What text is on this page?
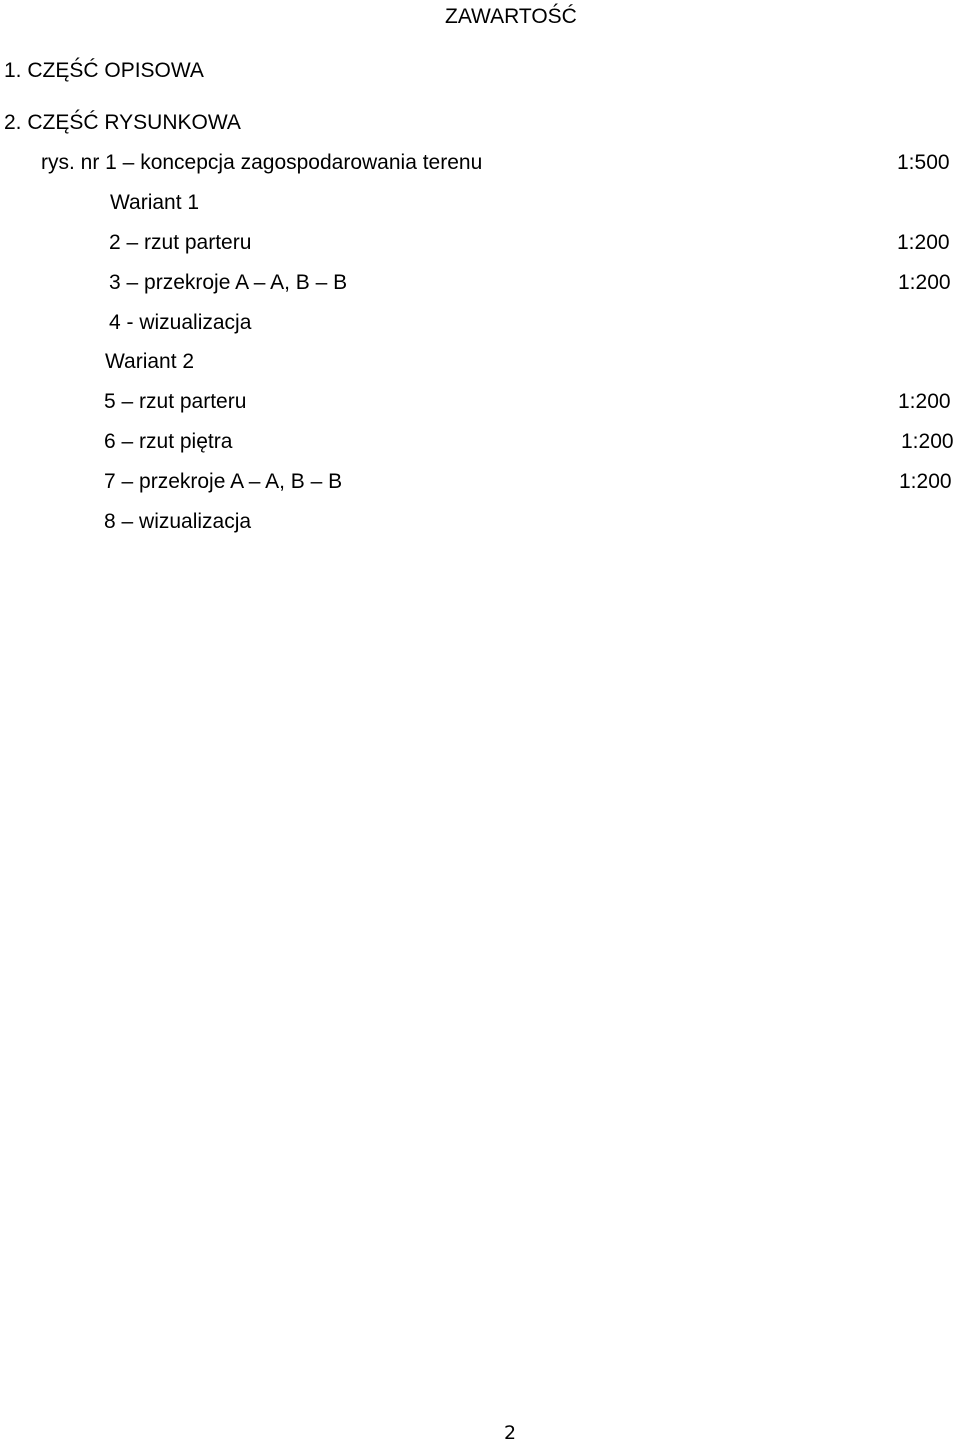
ZAWARTOŚĆ

1. CZĘŚĆ OPISOWA

2. CZĘŚĆ RYSUNKOWA

rys. nr 1 – koncepcja zagospodarowania terenu	1:500

Wariant 1

2 – rzut parteru	1:200

3 – przekroje A – A, B – B	1:200

4 - wizualizacja

Wariant 2

5 – rzut parteru	1:200

6 – rzut piętra	1:200

7 – przekroje A – A, B – B	1:200

8 – wizualizacja

2
